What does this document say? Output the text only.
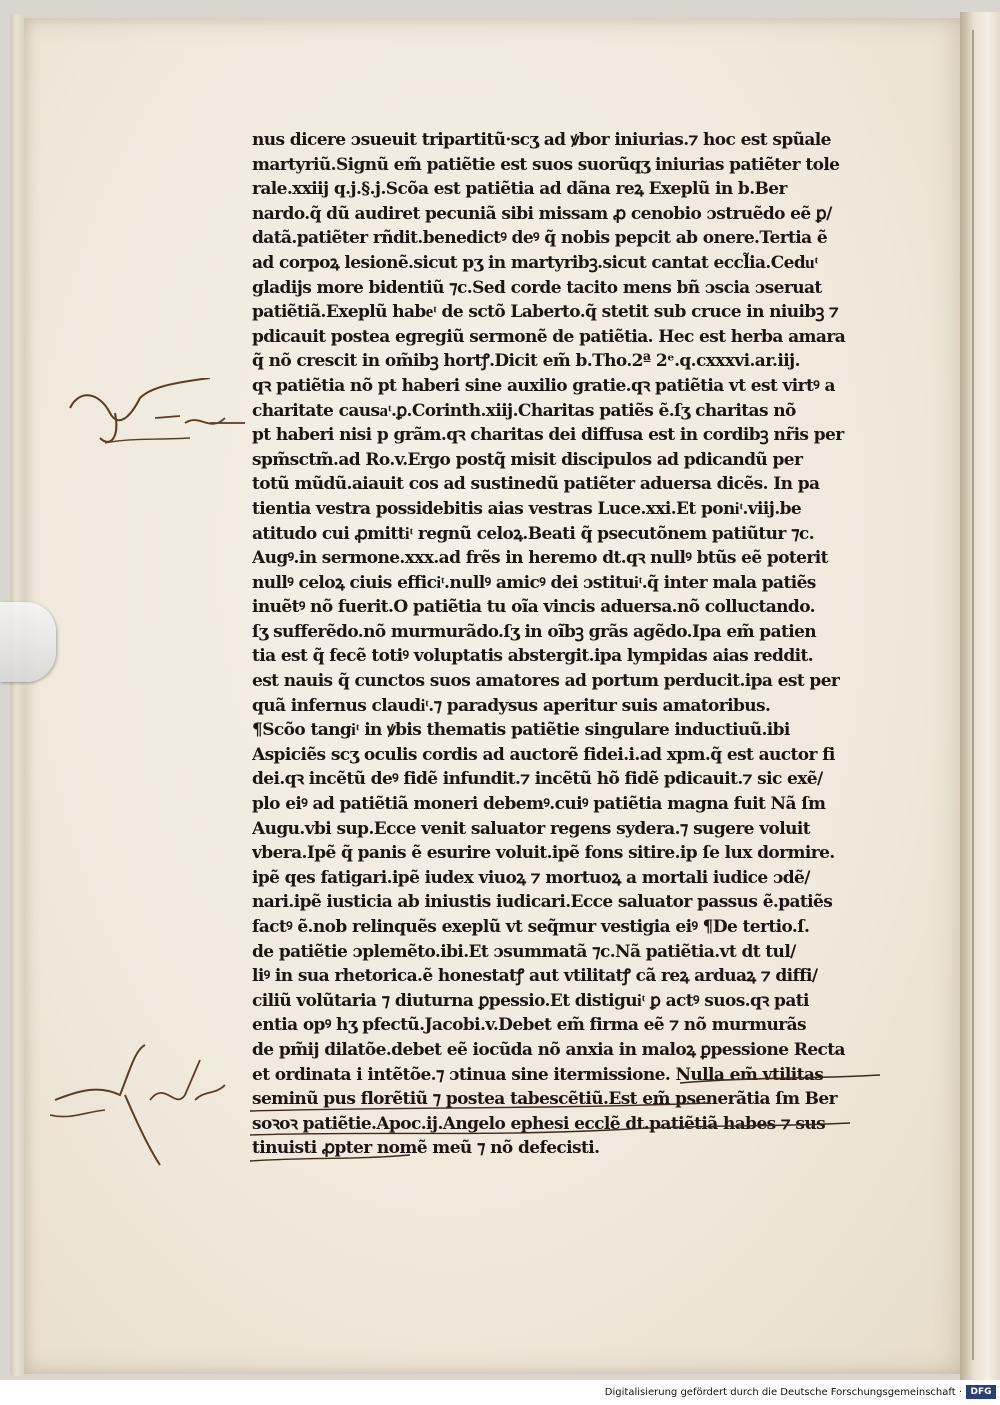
nus dicere ɔsueuit tripartitũ·scʒ ad ꝟbor iniurias.⁊ hoc est spũale
martyriũ.Signũ em̃ patiẽtie est suos suorũqʒ iniurias patiẽter tole
rale.xxiij q.j.§.j.Scõa est patiẽtia ad dãna reꝝ Exeplũ in b.Ber
nardo.q̃ dũ audiret pecuniã sibi missam ꝓ cenobio ɔstruẽdo eẽ ꝑ/
datã.patiẽter rñdit.benedictꝰ deꝰ q̃ nobis pepcit ab onere.Tertia ẽ
ad corpoꝝ lesionẽ.sicut pʒ in martyribꝫ.sicut cantat eccl̃ia.Ceduͭ
gladijs more bidentiũ ⁊c.Sed corde tacito mens bñ ɔscia ɔseruat
patiẽtiã.Exeplũ habeͭ de sctõ Laberto.q̃ stetit sub cruce in niuibꝫ ⁊
pdicauit postea egregiũ sermonẽ de patiẽtia. Hec est herba amara
q̃ nõ crescit in om̃ibꝫ hortꝭ.Dicit em̃ b.Tho.2ª 2ᵉ.q.cxxxvi.ar.iij.
qꝛ patiẽtia nõ pt haberi sine auxilio gratie.qꝛ patiẽtia vt est virtꝰ a
charitate causaͭ.ꝑ.Corinth.xiij.Charitas patiẽs ẽ.ſʒ charitas nõ
pt haberi nisi p grãm.qꝛ charitas dei diffusa est in cordibꝫ nr̃is per
spm̃sctm̃.ad Ro.v.Ergo postq̃ misit discipulos ad pdicandũ per
totũ mũdũ.aiauit cos ad sustinedũ patiẽter aduersa dicẽs. In pa
tientia vestra possidebitis aias vestras Luce.xxi.Et poniͭ.viij.be
atitudo cui ꝓmittiͭ regnũ celoꝝ.Beati q̃ psecutõnem patiũtur ⁊c.
Augꝰ.in sermone.xxx.ad frẽs in heremo dt.qꝛ nullꝰ btũs eẽ poterit
nullꝰ celoꝝ ciuis efficiͭ.nullꝰ amicꝰ dei ɔstituiͭ.q̃ inter mala patiẽs
inuẽtꝰ nõ fuerit.O patiẽtia tu oĩa vincis aduersa.nõ colluctando.
ſʒ sufferẽdo.nõ murmurãdo.ſʒ in oĩbꝫ grãs agẽdo.Ipa em̃ patien
tia est q̃ fecẽ totiꝰ voluptatis abstergit.ipa lympidas aias reddit.
est nauis q̃ cunctos suos amatores ad portum perducit.ipa est per
quã infernus claudiͭ.⁊ paradysus aperitur suis amatoribus.
¶Scõo tangiͭ in ꝟbis thematis patiẽtie singulare inductiuũ.ibi
Aspiciẽs scʒ oculis cordis ad auctorẽ fidei.i.ad xpm.q̃ est auctor fi
dei.qꝛ incẽtũ deꝰ fidẽ infundit.⁊ incẽtũ hõ fidẽ pdicauit.⁊ sic exẽ/
plo eiꝰ ad patiẽtiã moneri debemꝰ.cuiꝰ patiẽtia magna fuit Nã ſm
Augu.vbi sup.Ecce venit saluator regens sydera.⁊ sugere voluit
vbera.Ipẽ q̃ panis ẽ esurire voluit.ipẽ fons sitire.ip ſe lux dormire.
ipẽ qes fatigari.ipẽ iudex viuoꝝ ⁊ mortuoꝝ a mortali iudice ɔdẽ/
nari.ipẽ iusticia ab iniustis iudicari.Ecce saluator passus ẽ.patiẽs
factꝰ ẽ.nob relinquẽs exeplũ vt seq̃mur vestigia eiꝰ ¶De tertio.ſ.
de patiẽtie ɔplemẽto.ibi.Et ɔsummatã ⁊c.Nã patiẽtia.vt dt tul/
liꝰ in sua rhetorica.ẽ honestatꝭ aut vtilitatꝭ cã reꝝ arduaꝝ ⁊ diffi/
ciliũ volũtaria ⁊ diuturna ꝑpessio.Et distiguiͭ ꝑ actꝰ suos.qꝛ pati
entia opꝰ hʒ pfectũ.Jacobi.v.Debet em̃ firma eẽ ⁊ nõ murmurãs
de pm̃ij dilatõe.debet eẽ iocũda nõ anxia in maloꝝ ꝑpessione Recta
et ordinata i intẽtõe.⁊ ɔtinua sine itermissione. Nulla em̃ vtilitas
seminũ pus florẽtiũ ⁊ postea tabescẽtiũ.Est em̃ psenerãtia ſm Ber
soꝛoꝛ patiẽtie.Apoc.ij.Angelo ephesi ecclẽ dt.patiẽtiã habes ⁊ sus
tinuisti ꝓpter nomẽ meũ ⁊ nõ defecisti.
Digitalisierung gefördert durch die Deutsche Forschungsgemeinschaft · DFG
